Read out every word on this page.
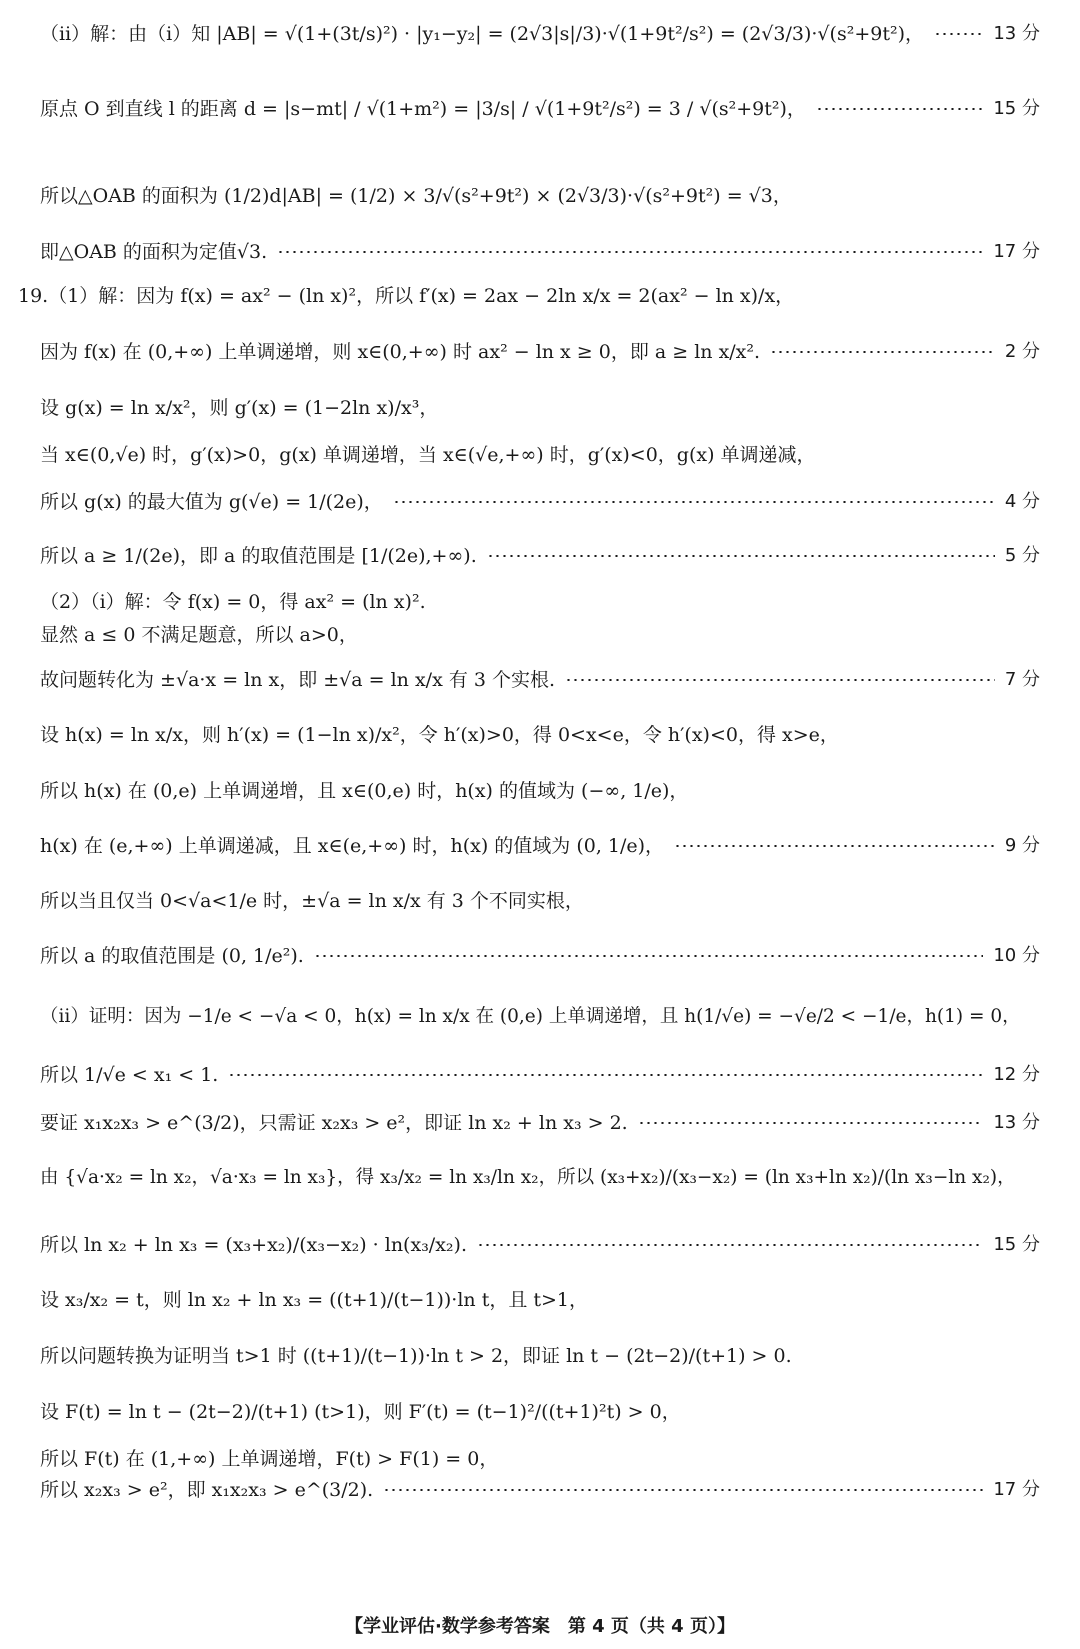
（ⅱ）解：由（ⅰ）知 |AB| = √(1+(3t/s)²) · |y₁−y₂| = (2√3|s|/3)·√(1+9t²/s²) = (2√3/3)·√(s²+9t²)，	13 分
原点 O 到直线 l 的距离 d = |s−mt| / √(1+m²) = |3/s| / √(1+9t²/s²) = 3 / √(s²+9t²)，	15 分
所以△OAB 的面积为 (1/2)d|AB| = (1/2) × 3/√(s²+9t²) × (2√3/3)·√(s²+9t²) = √3，
即△OAB 的面积为定值√3.	17 分
19.（1）解：因为 f(x) = ax² − (ln x)²，所以 f′(x) = 2ax − 2ln x/x = 2(ax² − ln x)/x，
因为 f(x) 在 (0,+∞) 上单调递增，则 x∈(0,+∞) 时 ax² − ln x ≥ 0，即 a ≥ ln x/x².	2 分
设 g(x) = ln x/x²，则 g′(x) = (1−2ln x)/x³，
当 x∈(0,√e) 时，g′(x)>0，g(x) 单调递增，当 x∈(√e,+∞) 时，g′(x)<0，g(x) 单调递减，
所以 g(x) 的最大值为 g(√e) = 1/(2e)，	4 分
所以 a ≥ 1/(2e)，即 a 的取值范围是 [1/(2e),+∞).	5 分
（2）（ⅰ）解：令 f(x) = 0，得 ax² = (ln x)².
显然 a ≤ 0 不满足题意，所以 a>0，
故问题转化为 ±√a·x = ln x，即 ±√a = ln x/x 有 3 个实根.	7 分
设 h(x) = ln x/x，则 h′(x) = (1−ln x)/x²，令 h′(x)>0，得 0<x<e，令 h′(x)<0，得 x>e，
所以 h(x) 在 (0,e) 上单调递增，且 x∈(0,e) 时，h(x) 的值域为 (−∞, 1/e)，
h(x) 在 (e,+∞) 上单调递减，且 x∈(e,+∞) 时，h(x) 的值域为 (0, 1/e)，	9 分
所以当且仅当 0<√a<1/e 时，±√a = ln x/x 有 3 个不同实根，
所以 a 的取值范围是 (0, 1/e²).	10 分
（ⅱ）证明：因为 −1/e < −√a < 0，h(x) = ln x/x 在 (0,e) 上单调递增，且 h(1/√e) = −√e/2 < −1/e，h(1) = 0，
所以 1/√e < x₁ < 1.	12 分
要证 x₁x₂x₃ > e^(3/2)，只需证 x₂x₃ > e²，即证 ln x₂ + ln x₃ > 2.	13 分
由 {√a·x₂ = ln x₂，√a·x₃ = ln x₃}，得 x₃/x₂ = ln x₃/ln x₂，所以 (x₃+x₂)/(x₃−x₂) = (ln x₃+ln x₂)/(ln x₃−ln x₂)，
所以 ln x₂ + ln x₃ = (x₃+x₂)/(x₃−x₂) · ln(x₃/x₂).	15 分
设 x₃/x₂ = t，则 ln x₂ + ln x₃ = ((t+1)/(t−1))·ln t，且 t>1，
所以问题转换为证明当 t>1 时 ((t+1)/(t−1))·ln t > 2，即证 ln t − (2t−2)/(t+1) > 0.
设 F(t) = ln t − (2t−2)/(t+1) (t>1)，则 F′(t) = (t−1)²/((t+1)²t) > 0，
所以 F(t) 在 (1,+∞) 上单调递增，F(t) > F(1) = 0，
所以 x₂x₃ > e²，即 x₁x₂x₃ > e^(3/2).	17 分
【学业评估·数学参考答案　第 4 页（共 4 页）】
